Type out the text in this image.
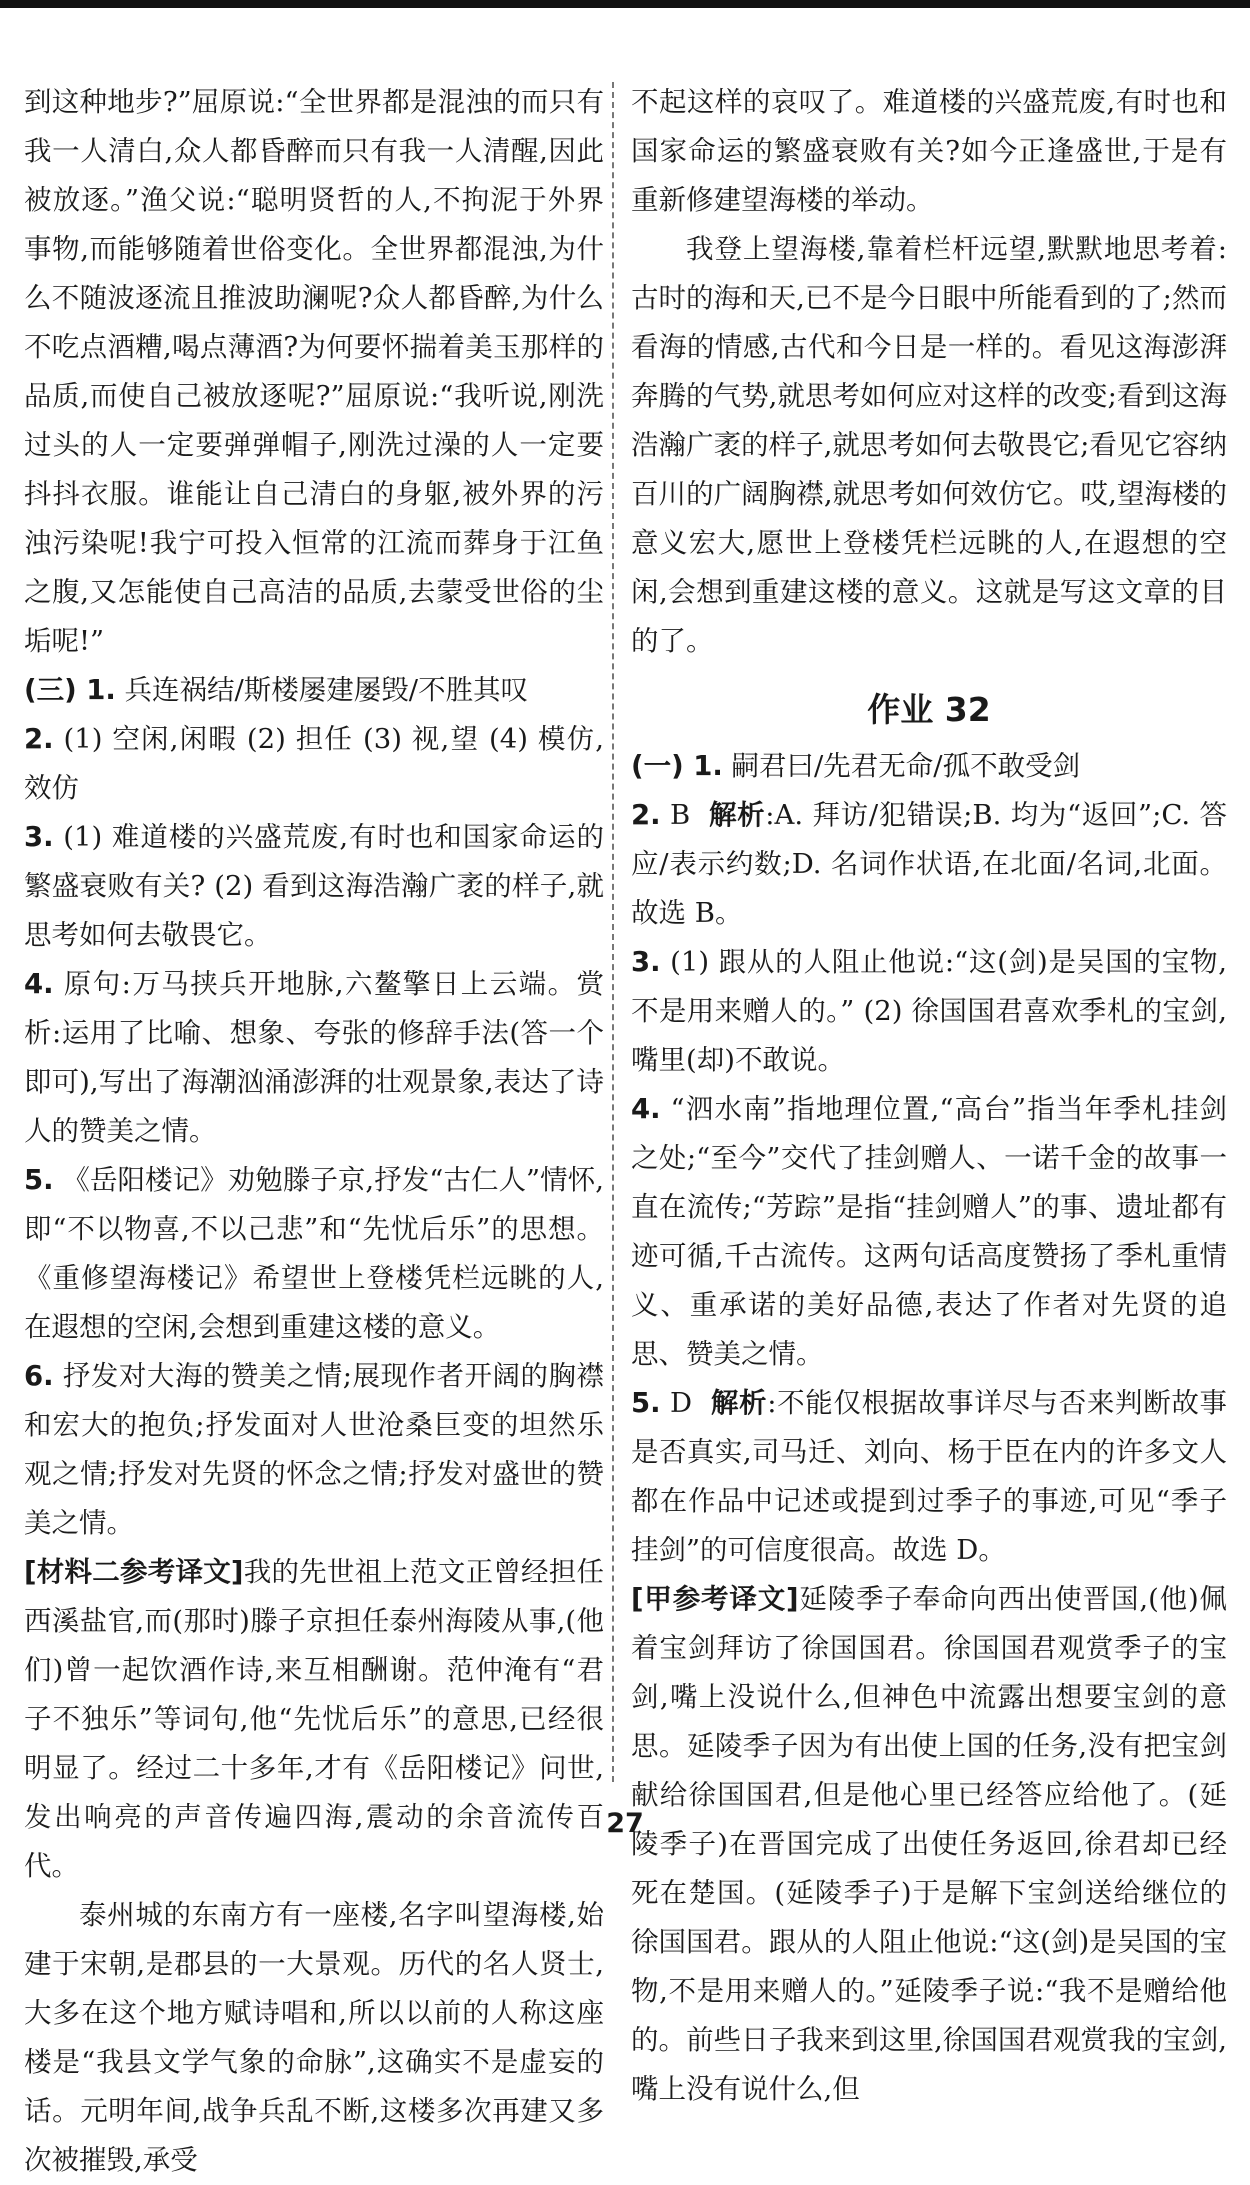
到这种地步?”屈原说:“全世界都是混浊的而只有我一人清白,众人都昏醉而只有我一人清醒,因此被放逐。”渔父说:“聪明贤哲的人,不拘泥于外界事物,而能够随着世俗变化。全世界都混浊,为什么不随波逐流且推波助澜呢?众人都昏醉,为什么不吃点酒糟,喝点薄酒?为何要怀揣着美玉那样的品质,而使自己被放逐呢?”屈原说:“我听说,刚洗过头的人一定要弹弹帽子,刚洗过澡的人一定要抖抖衣服。谁能让自己清白的身躯,被外界的污浊污染呢!我宁可投入恒常的江流而葬身于江鱼之腹,又怎能使自己高洁的品质,去蒙受世俗的尘垢呢!”

(三) 1. 兵连祸结/斯楼屡建屡毁/不胜其叹

2. (1) 空闲,闲暇 (2) 担任 (3) 视,望 (4) 模仿,效仿

3. (1) 难道楼的兴盛荒废,有时也和国家命运的繁盛衰败有关? (2) 看到这海浩瀚广袤的样子,就思考如何去敬畏它。

4. 原句:万马挟兵开地脉,六鳌擎日上云端。赏析:运用了比喻、想象、夸张的修辞手法(答一个即可),写出了海潮汹涌澎湃的壮观景象,表达了诗人的赞美之情。

5. 《岳阳楼记》劝勉滕子京,抒发“古仁人”情怀,即“不以物喜,不以己悲”和“先忧后乐”的思想。《重修望海楼记》希望世上登楼凭栏远眺的人,在遐想的空闲,会想到重建这楼的意义。

6. 抒发对大海的赞美之情;展现作者开阔的胸襟和宏大的抱负;抒发面对人世沧桑巨变的坦然乐观之情;抒发对先贤的怀念之情;抒发对盛世的赞美之情。

[材料二参考译文]我的先世祖上范文正曾经担任西溪盐官,而(那时)滕子京担任泰州海陵从事,(他们)曾一起饮酒作诗,来互相酬谢。范仲淹有“君子不独乐”等词句,他“先忧后乐”的意思,已经很明显了。经过二十多年,才有《岳阳楼记》问世,发出响亮的声音传遍四海,震动的余音流传百代。

泰州城的东南方有一座楼,名字叫望海楼,始建于宋朝,是郡县的一大景观。历代的名人贤士,大多在这个地方赋诗唱和,所以以前的人称这座楼是“我县文学气象的命脉”,这确实不是虚妄的话。元明年间,战争兵乱不断,这楼多次再建又多次被摧毁,承受

不起这样的哀叹了。难道楼的兴盛荒废,有时也和国家命运的繁盛衰败有关?如今正逢盛世,于是有重新修建望海楼的举动。

我登上望海楼,靠着栏杆远望,默默地思考着:古时的海和天,已不是今日眼中所能看到的了;然而看海的情感,古代和今日是一样的。看见这海澎湃奔腾的气势,就思考如何应对这样的改变;看到这海浩瀚广袤的样子,就思考如何去敬畏它;看见它容纳百川的广阔胸襟,就思考如何效仿它。哎,望海楼的意义宏大,愿世上登楼凭栏远眺的人,在遐想的空闲,会想到重建这楼的意义。这就是写这文章的目的了。

作业 32

(一) 1. 嗣君曰/先君无命/孤不敢受剑

2. B 解析:A. 拜访/犯错误;B. 均为“返回”;C. 答应/表示约数;D. 名词作状语,在北面/名词,北面。故选 B。

3. (1) 跟从的人阻止他说:“这(剑)是吴国的宝物,不是用来赠人的。” (2) 徐国国君喜欢季札的宝剑,嘴里(却)不敢说。

4. “泗水南”指地理位置,“高台”指当年季札挂剑之处;“至今”交代了挂剑赠人、一诺千金的故事一直在流传;“芳踪”是指“挂剑赠人”的事、遗址都有迹可循,千古流传。这两句话高度赞扬了季札重情义、重承诺的美好品德,表达了作者对先贤的追思、赞美之情。

5. D 解析:不能仅根据故事详尽与否来判断故事是否真实,司马迁、刘向、杨于臣在内的许多文人都在作品中记述或提到过季子的事迹,可见“季子挂剑”的可信度很高。故选 D。

[甲参考译文]延陵季子奉命向西出使晋国,(他)佩着宝剑拜访了徐国国君。徐国国君观赏季子的宝剑,嘴上没说什么,但神色中流露出想要宝剑的意思。延陵季子因为有出使上国的任务,没有把宝剑献给徐国国君,但是他心里已经答应给他了。(延陵季子)在晋国完成了出使任务返回,徐君却已经死在楚国。(延陵季子)于是解下宝剑送给继位的徐国国君。跟从的人阻止他说:“这(剑)是吴国的宝物,不是用来赠人的。”延陵季子说:“我不是赠给他的。前些日子我来到这里,徐国国君观赏我的宝剑,嘴上没有说什么,但

27
